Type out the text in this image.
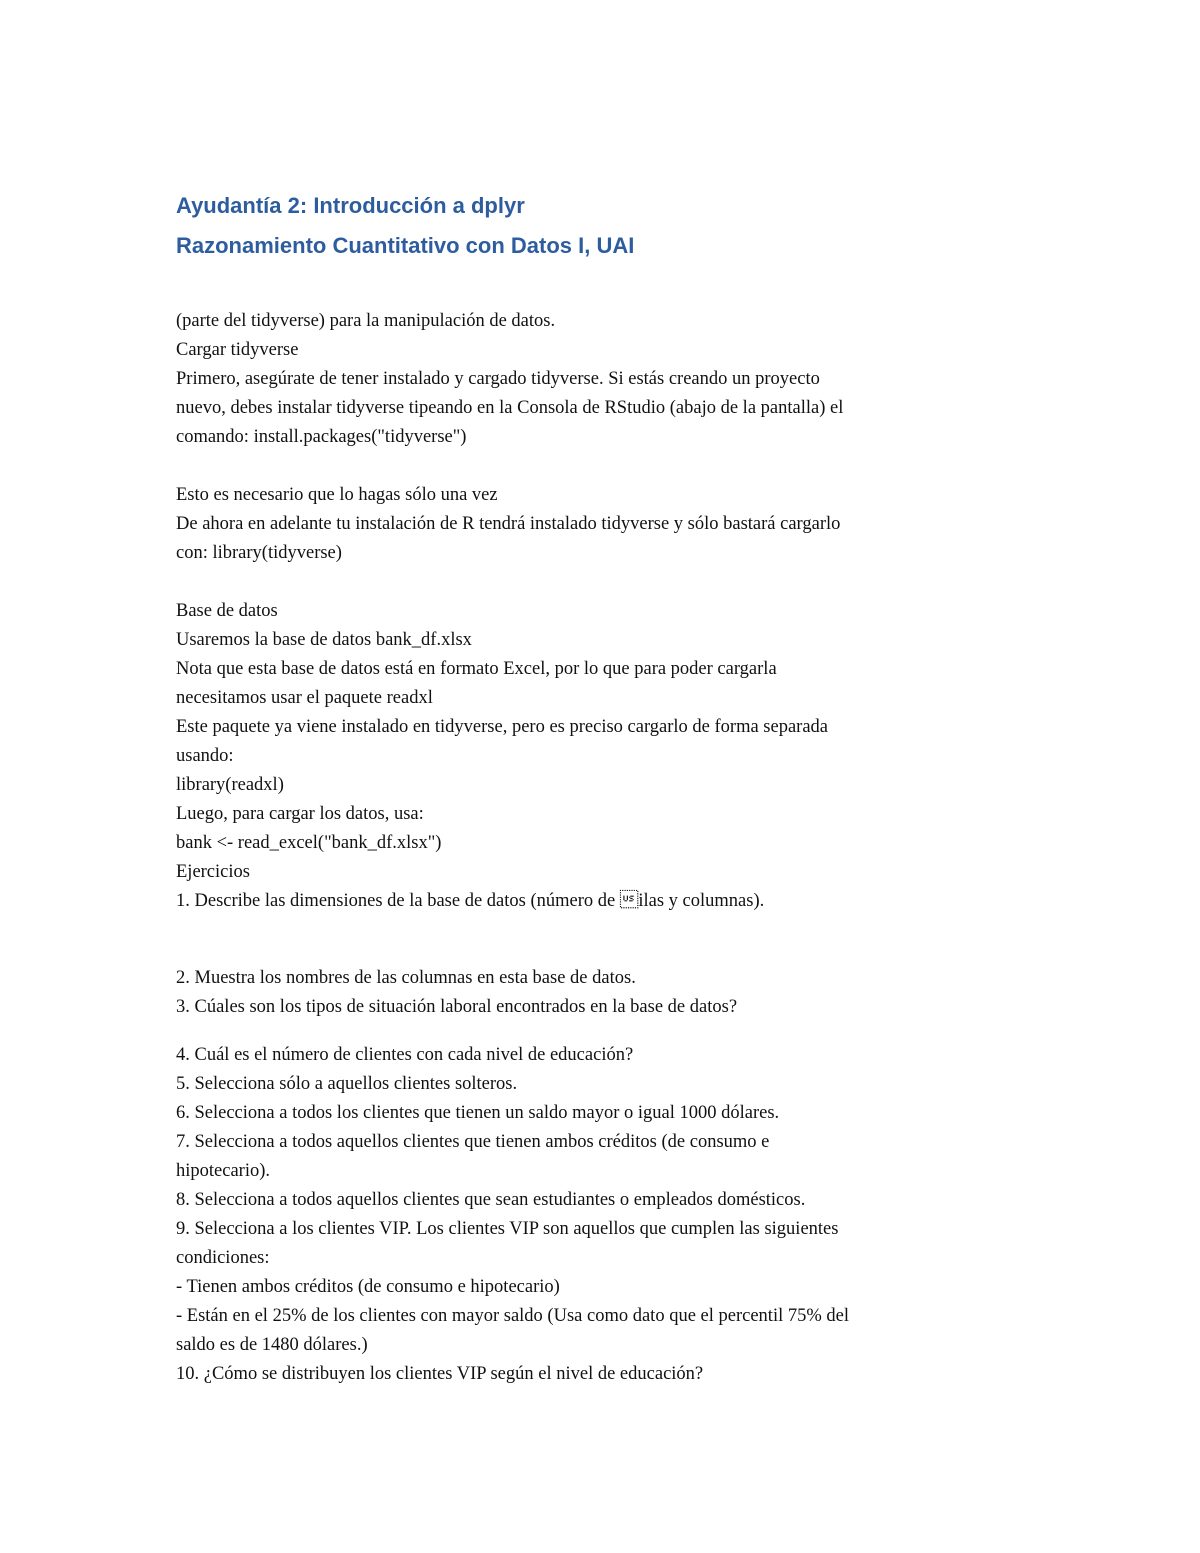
Ayudantía 2: Introducción a dplyr
Razonamiento Cuantitativo con Datos I, UAI
(parte del tidyverse) para la manipulación de datos.
Cargar tidyverse
Primero, asegúrate de tener instalado y cargado tidyverse. Si estás creando un proyecto
nuevo, debes instalar tidyverse tipeando en la Consola de RStudio (abajo de la pantalla) el
comando: install.packages("tidyverse")
Esto es necesario que lo hagas sólo una vez
De ahora en adelante tu instalación de R tendrá instalado tidyverse y sólo bastará cargarlo
con: library(tidyverse)
Base de datos
Usaremos la base de datos bank_df.xlsx
Nota que esta base de datos está en formato Excel, por lo que para poder cargarla
necesitamos usar el paquete readxl
Este paquete ya viene instalado en tidyverse, pero es preciso cargarlo de forma separada
usando:
library(readxl)
Luego, para cargar los datos, usa:
bank <- read_excel("bank_df.xlsx")
Ejercicios
1. Describe las dimensiones de la base de datos (número de ilas y columnas).
2. Muestra los nombres de las columnas en esta base de datos.
3. Cúales son los tipos de situación laboral encontrados en la base de datos?
4. Cuál es el número de clientes con cada nivel de educación?
5. Selecciona sólo a aquellos clientes solteros.
6. Selecciona a todos los clientes que tienen un saldo mayor o igual 1000 dólares.
7. Selecciona a todos aquellos clientes que tienen ambos créditos (de consumo e
hipotecario).
8. Selecciona a todos aquellos clientes que sean estudiantes o empleados domésticos.
9. Selecciona a los clientes VIP. Los clientes VIP son aquellos que cumplen las siguientes
condiciones:
- Tienen ambos créditos (de consumo e hipotecario)
- Están en el 25% de los clientes con mayor saldo (Usa como dato que el percentil 75% del
saldo es de 1480 dólares.)
10. ¿Cómo se distribuyen los clientes VIP según el nivel de educación?
